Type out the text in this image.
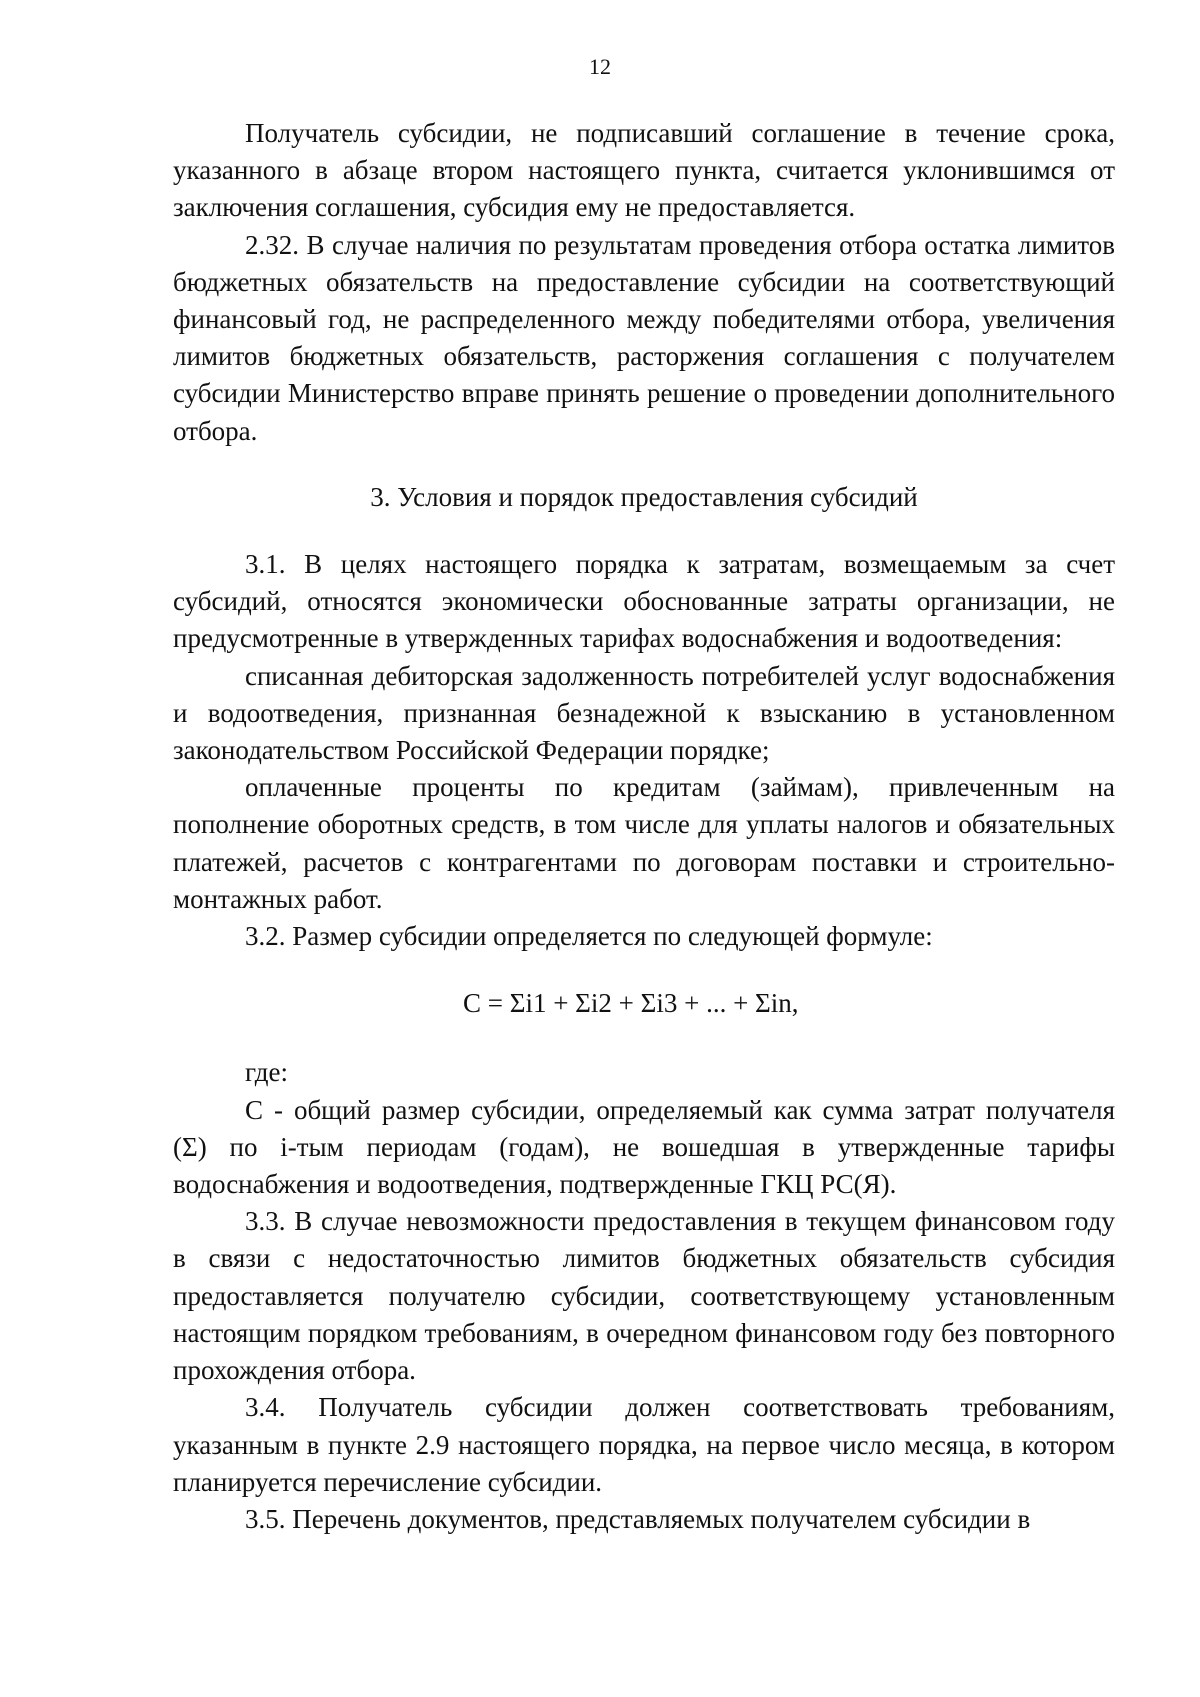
12

Получатель субсидии, не подписавший соглашение в течение срока, указанного в абзаце втором настоящего пункта, считается уклонившимся от заключения соглашения, субсидия ему не предоставляется.

2.32. В случае наличия по результатам проведения отбора остатка лимитов бюджетных обязательств на предоставление субсидии на соответствующий финансовый год, не распределенного между победителями отбора, увеличения лимитов бюджетных обязательств, расторжения соглашения с получателем субсидии Министерство вправе принять решение о проведении дополнительного отбора.

3. Условия и порядок предоставления субсидий

3.1. В целях настоящего порядка к затратам, возмещаемым за счет субсидий, относятся экономически обоснованные затраты организации, не предусмотренные в утвержденных тарифах водоснабжения и водоотведения:

списанная дебиторская задолженность потребителей услуг водоснабжения и водоотведения, признанная безнадежной к взысканию в установленном законодательством Российской Федерации порядке;

оплаченные проценты по кредитам (займам), привлеченным на пополнение оборотных средств, в том числе для уплаты налогов и обязательных платежей, расчетов с контрагентами по договорам поставки и строительно-монтажных работ.

3.2. Размер субсидии определяется по следующей формуле:

C = Σi1 + Σi2 + Σi3 + ... + Σin,

где:

C - общий размер субсидии, определяемый как сумма затрат получателя (Σ) по i-тым периодам (годам), не вошедшая в утвержденные тарифы водоснабжения и водоотведения, подтвержденные ГКЦ РС(Я).

3.3. В случае невозможности предоставления в текущем финансовом году в связи с недостаточностью лимитов бюджетных обязательств субсидия предоставляется получателю субсидии, соответствующему установленным настоящим порядком требованиям, в очередном финансовом году без повторного прохождения отбора.

3.4. Получатель субсидии должен соответствовать требованиям, указанным в пункте 2.9 настоящего порядка, на первое число месяца, в котором планируется перечисление субсидии.

3.5. Перечень документов, представляемых получателем субсидии в
